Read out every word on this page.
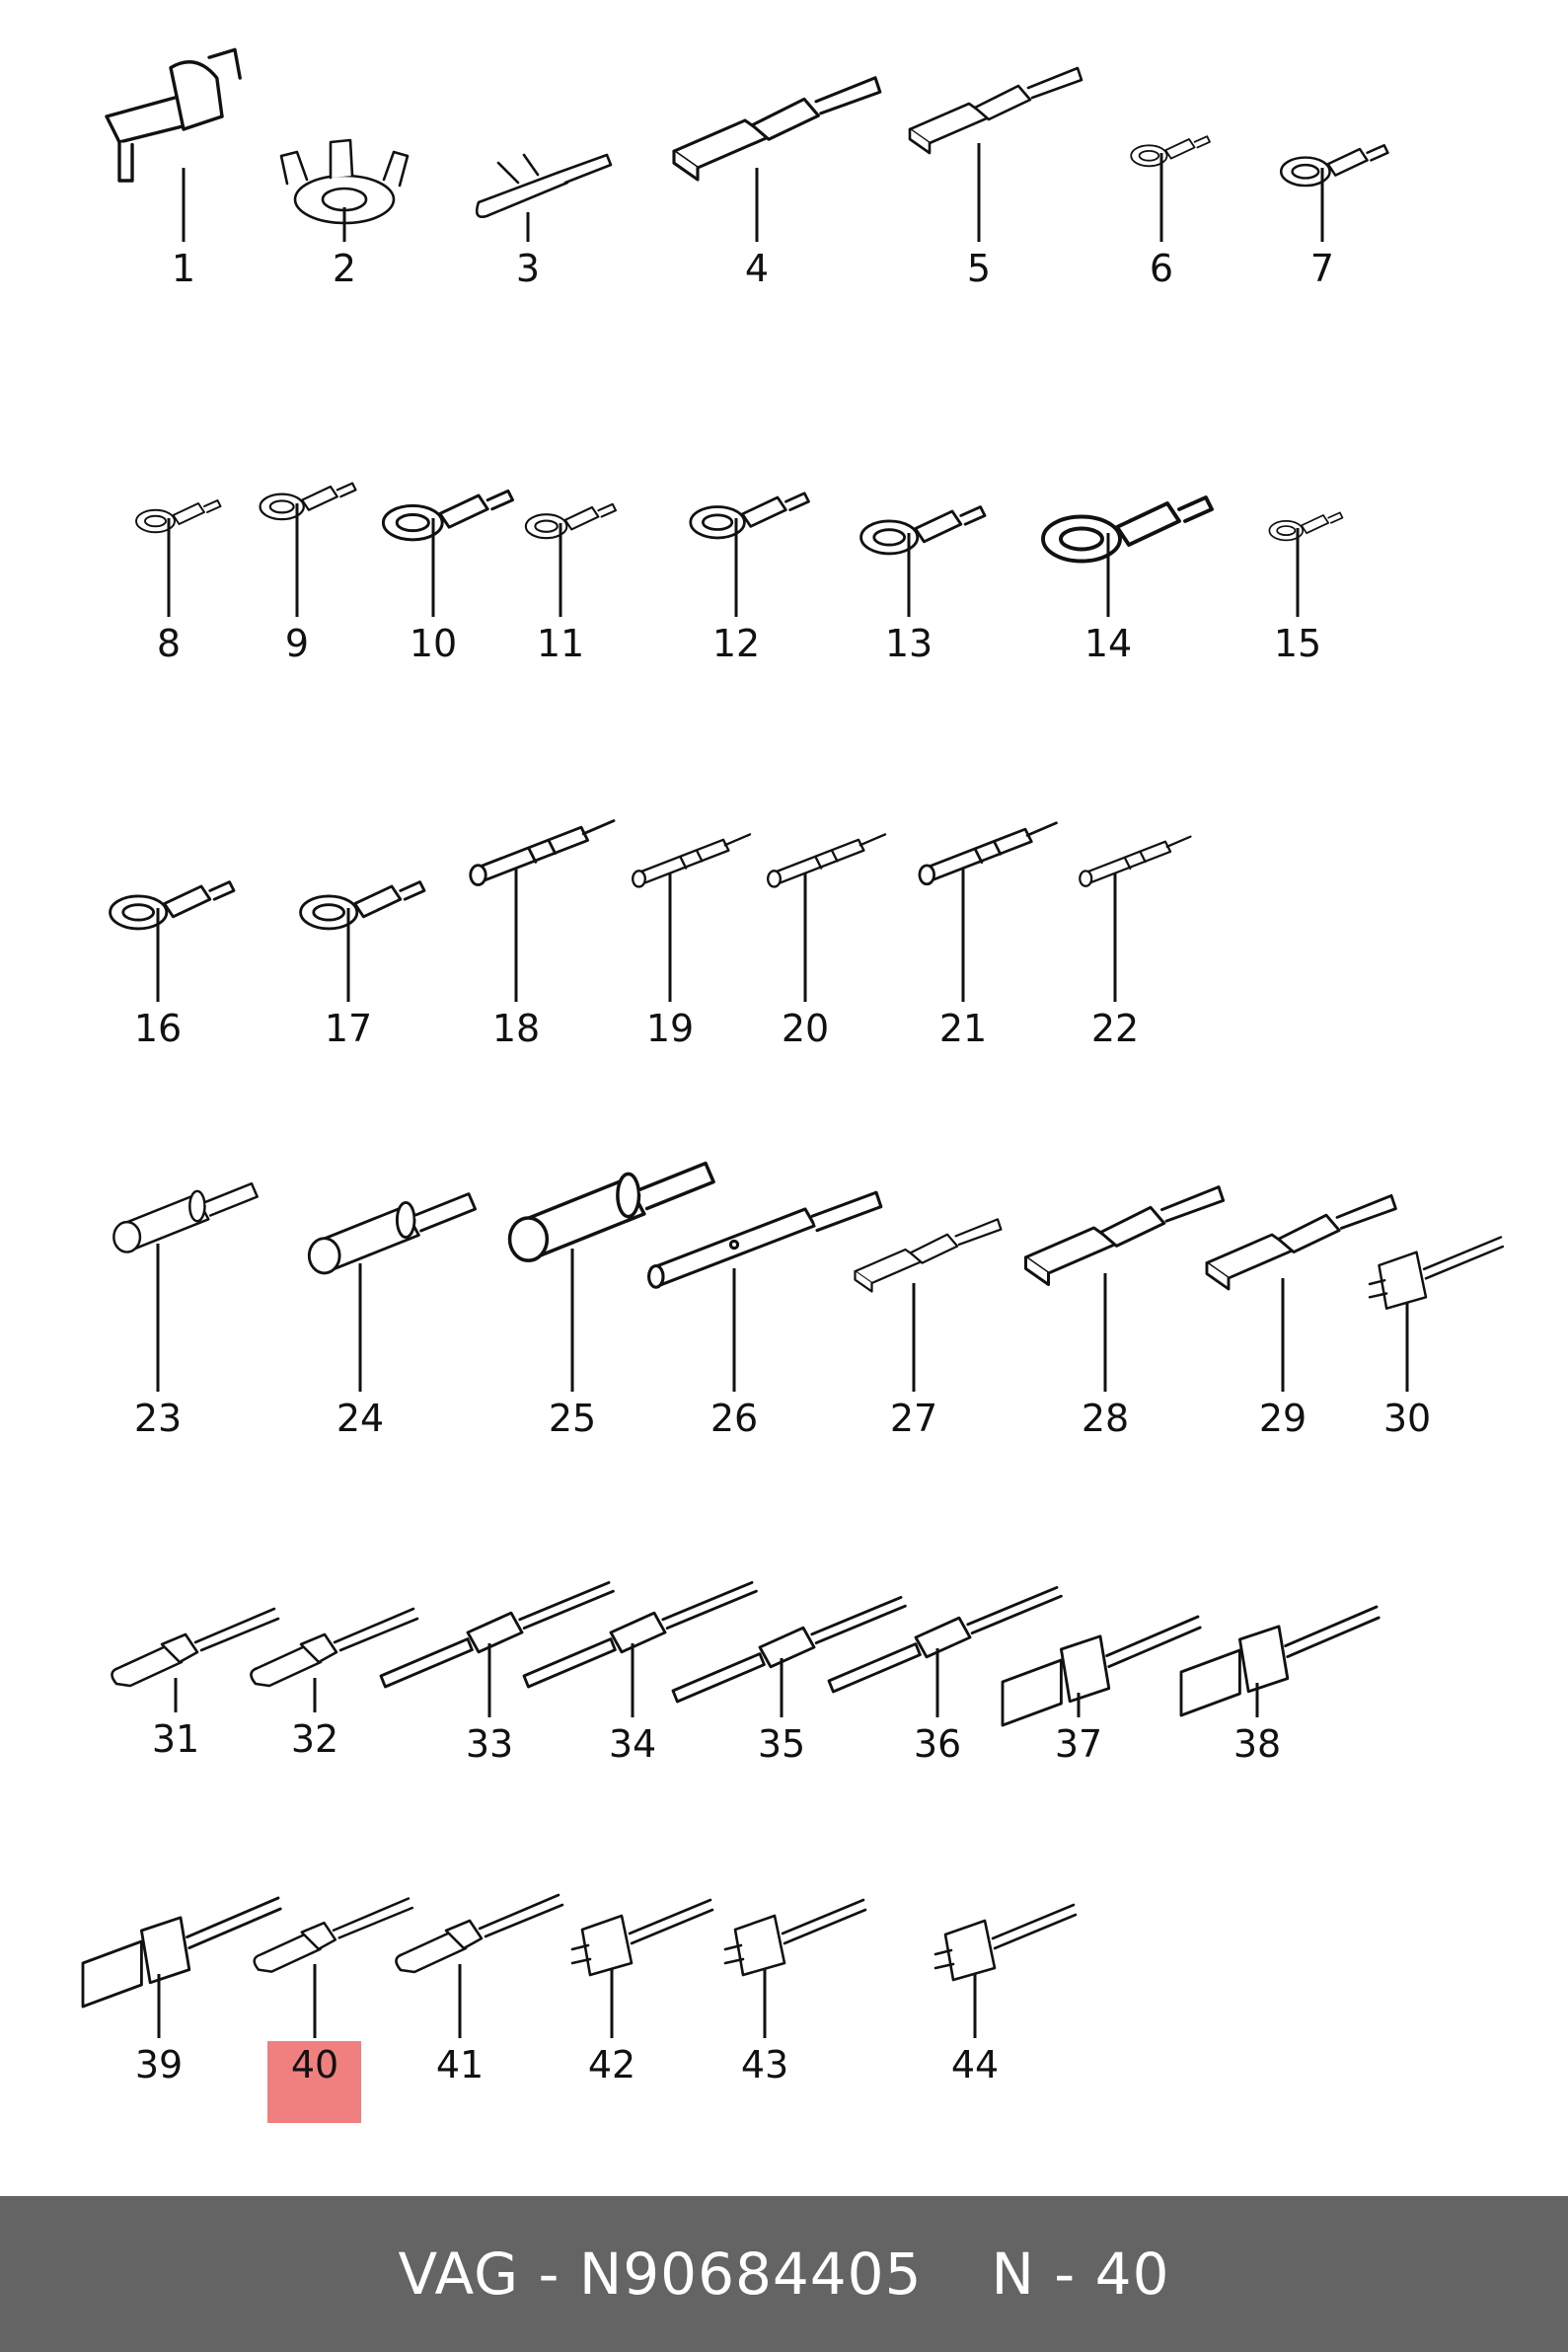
1	2	3	4	5	6	7
8	9	10 11	12	13	14	15
16	17	18	19 20	21	22
23	24	25	26	27	28	29 30
31 32	33	34	35	36 37	38
39	40	41	42	43	44
VAG - N90684405 N - 40
